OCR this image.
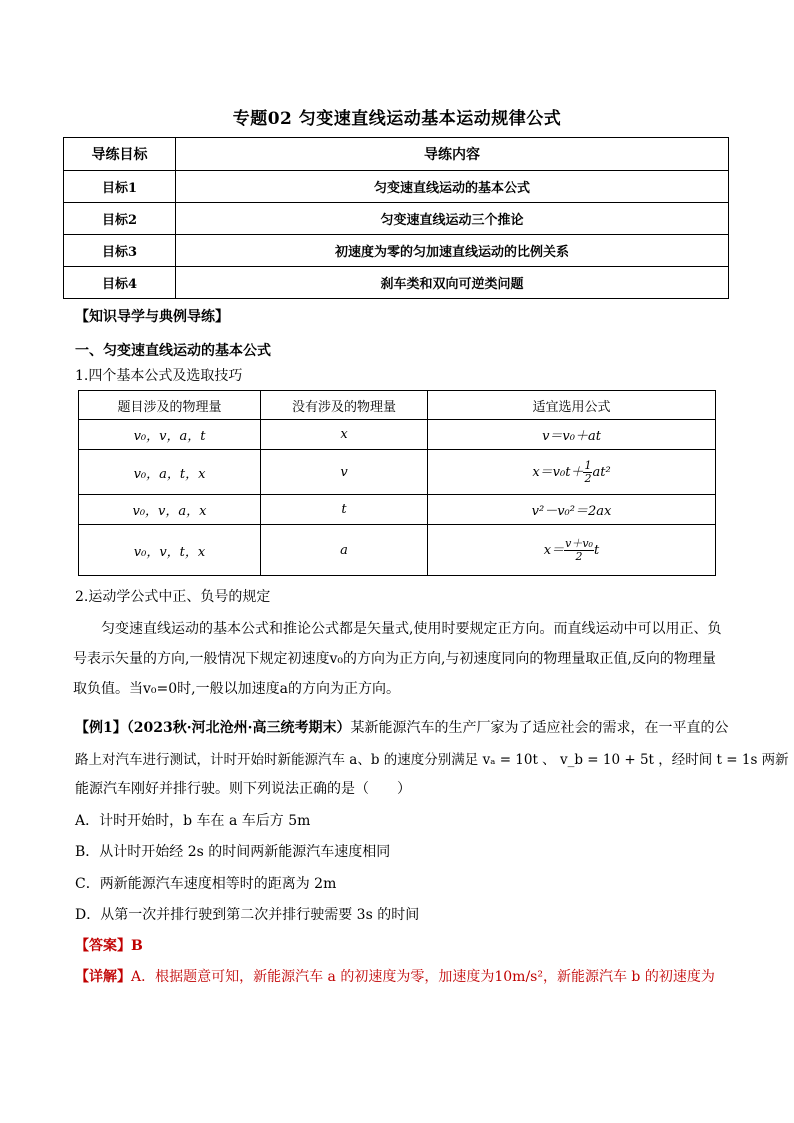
专题02 匀变速直线运动基本运动规律公式
导练目标	导练内容
目标1	匀变速直线运动的基本公式
目标2	匀变速直线运动三个推论
目标3	初速度为零的匀加速直线运动的比例关系
目标4	刹车类和双向可逆类问题
【知识导学与典例导练】
一、匀变速直线运动的基本公式
1.四个基本公式及选取技巧
题目涉及的物理量	没有涉及的物理量	适宜选用公式
v₀，v，a，t	x	v＝v₀＋at
v₀，a，t，x	v	$x=v_0t+ \frac{1}{2} at^2$
v₀，v，a，x	t	v²－v₀²＝2ax
v₀，v，t，x	a	$x= \frac{\text{v＋v₀}}{2}$ t
2.运动学公式中正、负号的规定
匀变速直线运动的基本公式和推论公式都是矢量式,使用时要规定正方向。而直线运动中可以用正、负号表示矢量的方向,一般情况下规定初速度v₀的方向为正方向,与初速度同向的物理量取正值,反向的物理量取负值。当v₀=0时,一般以加速度a的方向为正方向。
【例1】（2023秋·河北沧州·高三统考期末）某新能源汽车的生产厂家为了适应社会的需求，在一平直的公
路上对汽车进行测试，计时开始时新能源汽车 a、b 的速度分别满足 vₐ = 10t 、 v_b = 10 + 5t ，经时间 t = 1s 两新
能源汽车刚好并排行驶。则下列说法正确的是（　　）
A．计时开始时，b 车在 a 车后方 5m
B．从计时开始经 2s 的时间两新能源汽车速度相同
C．两新能源汽车速度相等时的距离为 2m
D．从第一次并排行驶到第二次并排行驶需要 3s 的时间
【答案】B
【详解】A．根据题意可知，新能源汽车 a 的初速度为零，加速度为10m/s²，新能源汽车 b 的初速度为
